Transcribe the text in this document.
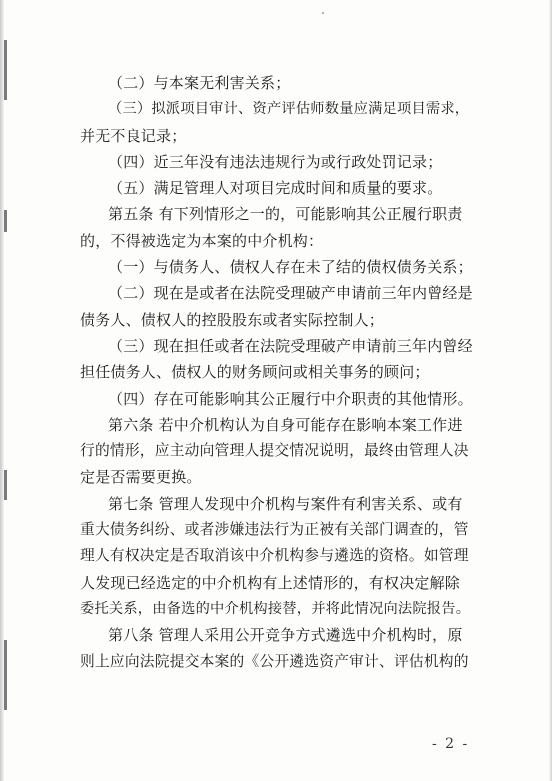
（二）与本案无利害关系；
（三）拟派项目审计、资产评估师数量应满足项目需求，
并无不良记录；
（四）近三年没有违法违规行为或行政处罚记录；
（五）满足管理人对项目完成时间和质量的要求。
第五条 有下列情形之一的，可能影响其公正履行职责
的，不得被选定为本案的中介机构：
（一）与债务人、债权人存在未了结的债权债务关系；
（二）现在是或者在法院受理破产申请前三年内曾经是
债务人、债权人的控股股东或者实际控制人；
（三）现在担任或者在法院受理破产申请前三年内曾经
担任债务人、债权人的财务顾问或相关事务的顾问；
（四）存在可能影响其公正履行中介职责的其他情形。
第六条 若中介机构认为自身可能存在影响本案工作进
行的情形，应主动向管理人提交情况说明，最终由管理人决
定是否需要更换。
第七条 管理人发现中介机构与案件有利害关系、或有
重大债务纠纷、或者涉嫌违法行为正被有关部门调查的，管
理人有权决定是否取消该中介机构参与遴选的资格。如管理
人发现已经选定的中介机构有上述情形的，有权决定解除
委托关系，由备选的中介机构接替，并将此情况向法院报告。
第八条 管理人采用公开竞争方式遴选中介机构时，原
则上应向法院提交本案的《公开遴选资产审计、评估机构的
- 2 -
